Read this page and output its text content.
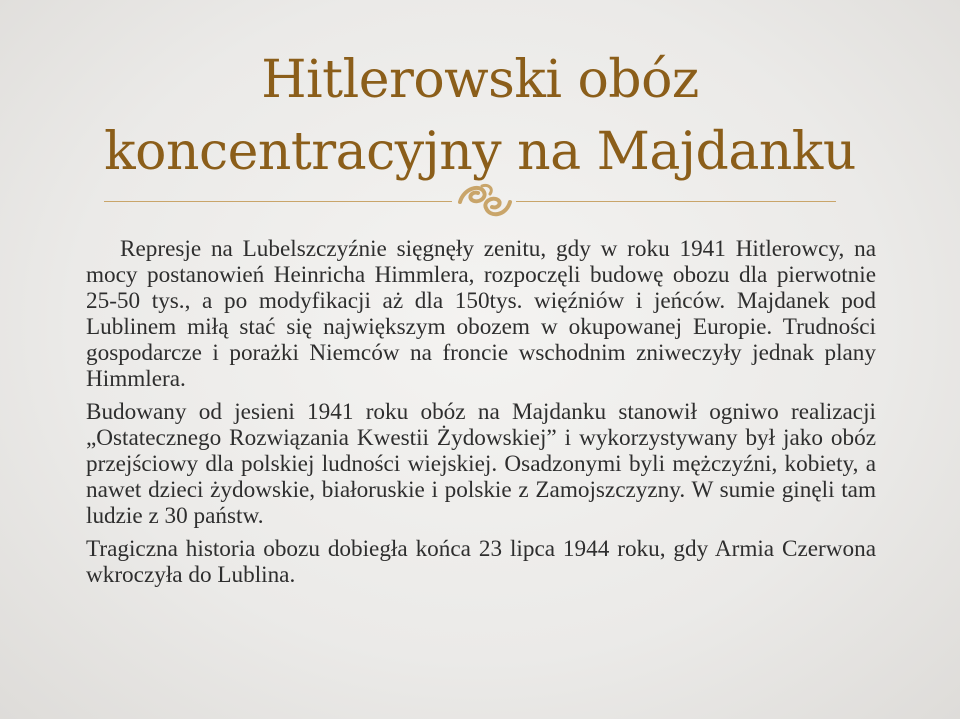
Hitlerowski obóz
koncentracyjny na Majdanku

Represje na Lubelszczyźnie sięgnęły zenitu, gdy w roku 1941 Hitlerowcy, na mocy postanowień Heinricha Himmlera, rozpoczęli budowę obozu dla pierwotnie 25-50 tys., a po modyfikacji aż dla 150tys. więźniów i jeńców. Majdanek pod Lublinem miłą stać się największym obozem w okupowanej Europie. Trudności gospodarcze i porażki Niemców na froncie wschodnim zniweczyły jednak plany Himmlera.

Budowany od jesieni 1941 roku obóz na Majdanku stanowił ogniwo realizacji „Ostatecznego Rozwiązania Kwestii Żydowskiej” i wykorzystywany był jako obóz przejściowy dla polskiej ludności wiejskiej. Osadzonymi byli mężczyźni, kobiety, a nawet dzieci żydowskie, białoruskie i polskie z Zamojszczyzny. W sumie ginęli tam ludzie z 30 państw.

Tragiczna historia obozu dobiegła końca 23 lipca 1944 roku, gdy Armia Czerwona wkroczyła do Lublina.
